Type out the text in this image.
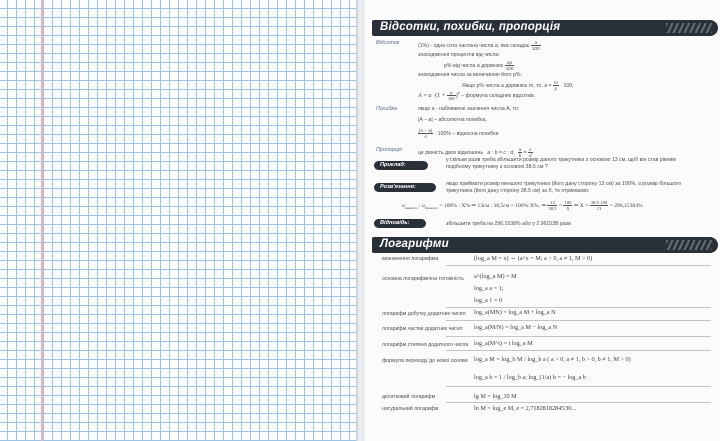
Відсотки, похибки, пропорція
Відсоток	(1%) - одна сота частина числа a, яка складає $\frac{a}{100}$
знаходження процентів від числа:
p% від числа a дорівнює $\frac{ap}{100}$
знаходження числа за величиною його р%:
Якщо p% числа a дорівнює m, то, $a = \frac{m}{p} \cdot 100$;
$A = a \cdot(1 + \frac{p}{100} )^n$ – формула складних відсотків.
Похибка	якщо a - наближене значення числа A, то:
|A − a| – абсолютна похибка,
$\frac{|A - a|}{A} \cdot 100\%$ – відносна похибка
Пропорція	це рівність двох відношень a : b = c : d, $\frac{a}{b} = \frac{c}{d}$
Приклад:
у скільки разів треба збільшити розмір даного трикутника з основою 13 см, щоб він став рівним
подібному трикутнику з основою 38.5 см ?
Розв'язання:	якщо приймати розмір меншого трикутника (його дану сторону 13 см) за 100%, а розмір більшого
трикутника (його дану сторону 38.5 см) за X, то отримаємо:
$a_{меншого}$ : $a_{більшого} = 100\%$ : X% ⇒ 13см : 38,5см = 100%:X%, ⇒ $\frac{13}{38,5} = \frac{100}{X}$ ⇒ $X = \frac{38,5\cdot 100}{13} = 296,15384\%$
Відповідь:	збільшити треба на 296,1538% або у 2.96153В рази
Логарифми
визначення логарифма	(log_a M = x) ⇔ (a^x = M; a > 0, a ≠ 1, M > 0)
основна логарифмічна тотожність a^(log_a M) = M
log_a a = 1;
log_a 1 = 0
логарифм добутку додатних чисел log_a(MN) = log_a M + log_a N
логарифм частки додатних чисел log_a(M/N) = log_a M − log_a N
логарифм степеня додатного числа log_a(M^t) = t log_a M
формула переходу до нової основи log_a M = log_b M / log_b a ( a > 0, a ≠ 1, b > 0, b ≠ 1, M > 0)
log_a b = 1 / log_b a; log_(1/a) b = − log_a b
десятковий логарифм	lg M = log_10 M
натуральний логарифм	ln M = log_e M, e = 2,71828182845Э0...
